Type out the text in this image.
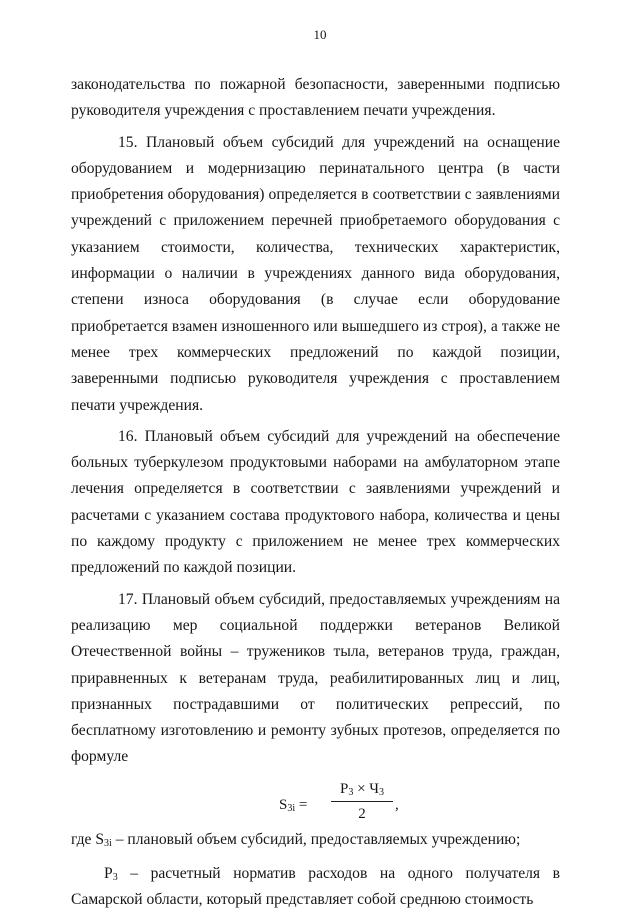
10

законодательства по пожарной безопасности, заверенными подписью руководителя учреждения с проставлением печати учреждения.

15. Плановый объем субсидий для учреждений на оснащение оборудованием и модернизацию перинатального центра (в части приобретения оборудования) определяется в соответствии с заявлениями учреждений с приложением перечней приобретаемого оборудования с указанием стоимости, количества, технических характеристик, информации о наличии в учреждениях данного вида оборудования, степени износа оборудования (в случае если оборудование приобретается взамен изношенного или вышедшего из строя), а также не менее трех коммерческих предложений по каждой позиции, заверенными подписью руководителя учреждения с проставлением печати учреждения.

16. Плановый объем субсидий для учреждений на обеспечение больных туберкулезом продуктовыми наборами на амбулаторном этапе лечения определяется в соответствии с заявлениями учреждений и расчетами с указанием состава продуктового набора, количества и цены по каждому продукту с приложением не менее трех коммерческих предложений по каждой позиции.

17. Плановый объем субсидий, предоставляемых учреждениям на реализацию мер социальной поддержки ветеранов Великой Отечественной войны – тружеников тыла, ветеранов труда, граждан, приравненных к ветеранам труда, реабилитированных лиц и лиц, признанных пострадавшими от политических репрессий, по бесплатному изготовлению и ремонту зубных протезов, определяется по формуле

$S_{3i}$ =
$Р_3 \times Ч_3$
2
,

где $S_{3i}$ – плановый объем субсидий, предоставляемых учреждению;

$Р_3$ – расчетный норматив расходов на одного получателя в

Самарской области, который представляет собой среднюю стоимость
